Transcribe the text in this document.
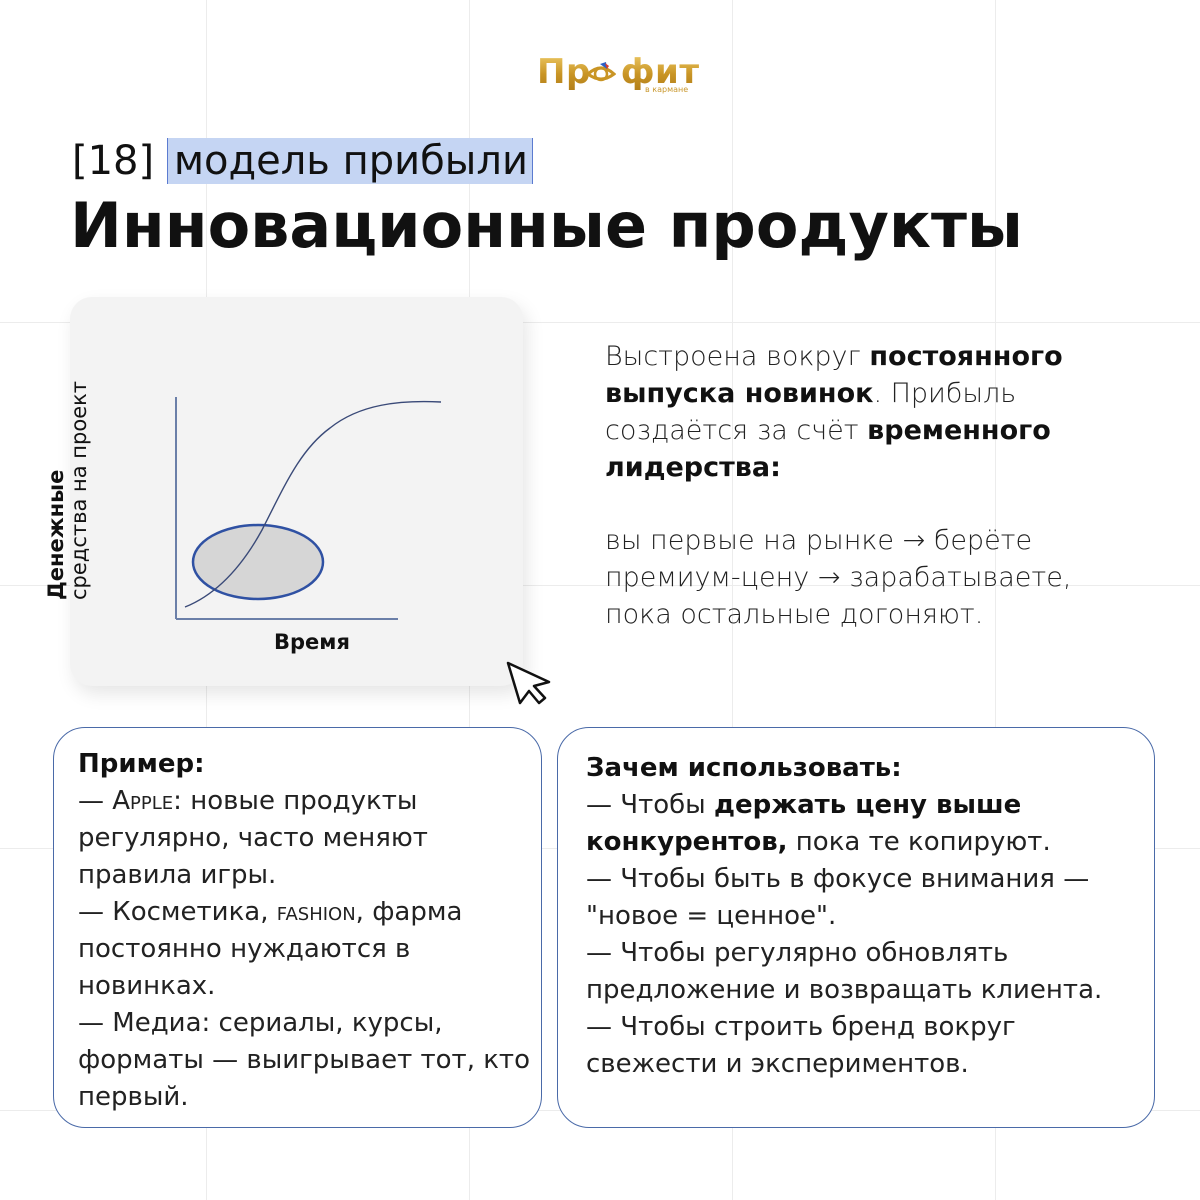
Пр фит
в кармане
[18] модель прибыли
Инновационные продукты
Денежные средства на проект
Время

Выстроена вокруг постоянного выпуска новинок. Прибыль создаётся за счёт временного лидерства:

вы первые на рынке → берёте премиум-цену → зарабатываете, пока остальные догоняют.

Пример:

— Apple: новые продукты регулярно, часто меняют правила игры.

— Косметика, fashion, фарма постоянно нуждаются в новинках.

— Медиа: сериалы, курсы, форматы — выигрывает тот, кто первый.

Зачем использовать:

— Чтобы держать цену выше конкурентов, пока те копируют.

— Чтобы быть в фокусе внимания — "новое = ценное".

— Чтобы регулярно обновлять предложение и возвращать клиента.

— Чтобы строить бренд вокруг свежести и экспериментов.
